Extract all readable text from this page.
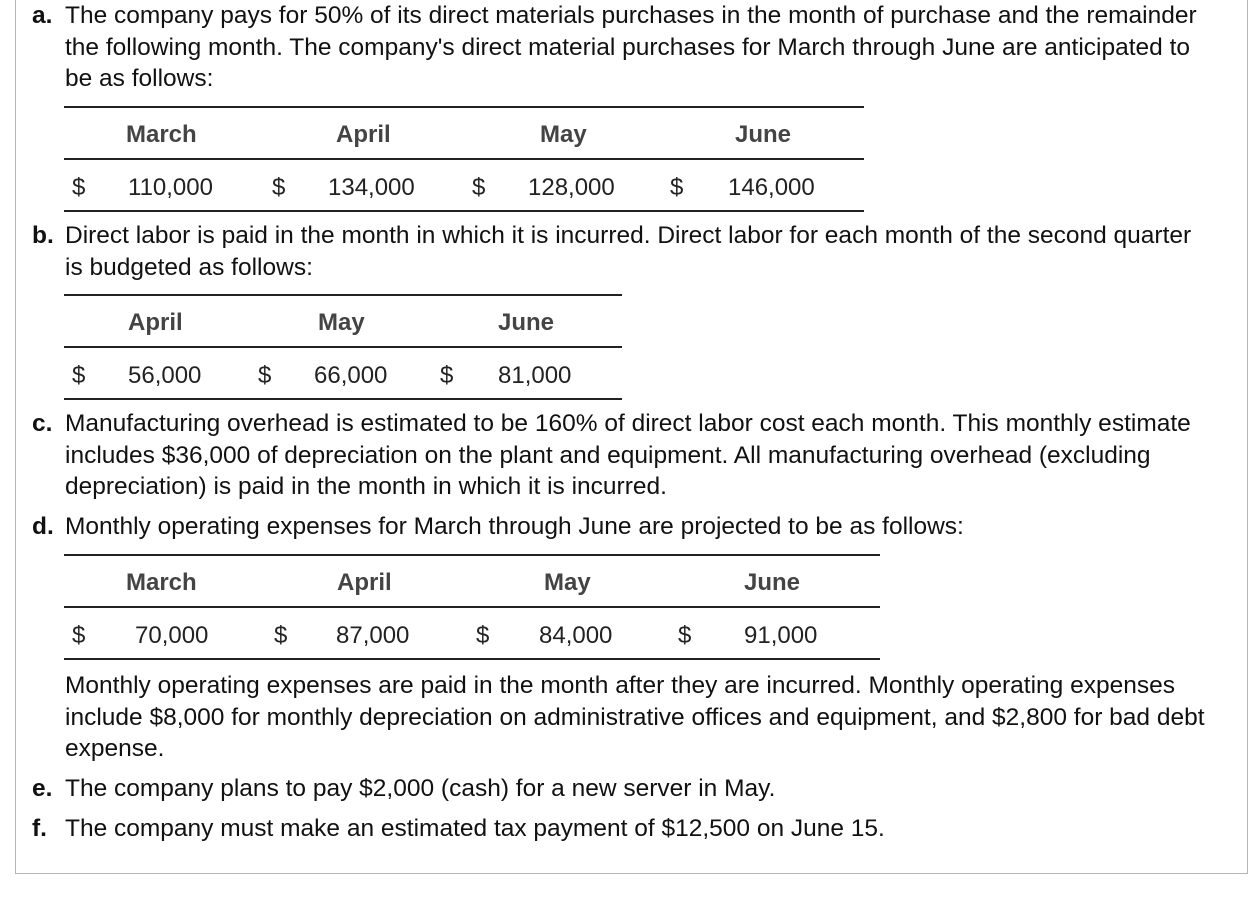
a. The company pays for 50% of its direct materials purchases in the month of purchase and the remainder the following month. The company's direct material purchases for March through June are anticipated to be as follows:
March	April	May	June
$ 110,000 $ 134,000 $ 128,000 $ 146,000
b. Direct labor is paid in the month in which it is incurred. Direct labor for each month of the second quarter is budgeted as follows:
April	May	June
$ 56,000 $ 66,000 $ 81,000
c. Manufacturing overhead is estimated to be 160% of direct labor cost each month. This monthly estimate includes $36,000 of depreciation on the plant and equipment. All manufacturing overhead (excluding depreciation) is paid in the month in which it is incurred.
d. Monthly operating expenses for March through June are projected to be as follows:
March	April	May	June
$ 70,000	$ 87,000	$ 84,000	$ 91,000
Monthly operating expenses are paid in the month after they are incurred. Monthly operating expenses include $8,000 for monthly depreciation on administrative offices and equipment, and $2,800 for bad debt expense.
e. The company plans to pay $2,000 (cash) for a new server in May.
f. The company must make an estimated tax payment of $12,500 on June 15.
